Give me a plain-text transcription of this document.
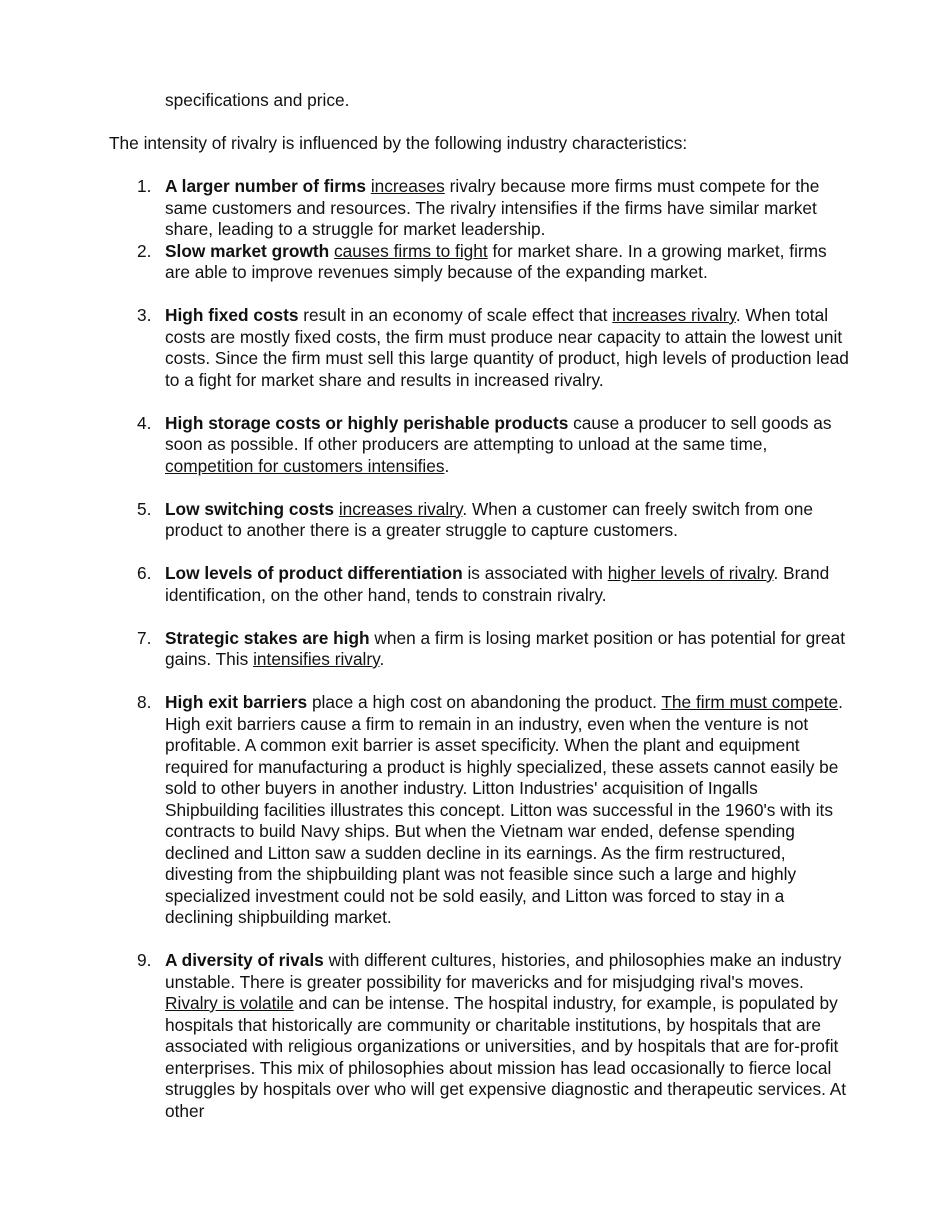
specifications and price.

The intensity of rivalry is influenced by the following industry characteristics:

1. A larger number of firms increases rivalry because more firms must compete for the same customers and resources. The rivalry intensifies if the firms have similar market share, leading to a struggle for market leadership.
2. Slow market growth causes firms to fight for market share. In a growing market, firms are able to improve revenues simply because of the expanding market.
3. High fixed costs result in an economy of scale effect that increases rivalry. When total costs are mostly fixed costs, the firm must produce near capacity to attain the lowest unit costs. Since the firm must sell this large quantity of product, high levels of production lead to a fight for market share and results in increased rivalry.
4. High storage costs or highly perishable products cause a producer to sell goods as soon as possible. If other producers are attempting to unload at the same time, competition for customers intensifies.
5. Low switching costs increases rivalry. When a customer can freely switch from one product to another there is a greater struggle to capture customers.
6. Low levels of product differentiation is associated with higher levels of rivalry. Brand identification, on the other hand, tends to constrain rivalry.
7. Strategic stakes are high when a firm is losing market position or has potential for great gains. This intensifies rivalry.
8. High exit barriers place a high cost on abandoning the product. The firm must compete. High exit barriers cause a firm to remain in an industry, even when the venture is not profitable. A common exit barrier is asset specificity. When the plant and equipment required for manufacturing a product is highly specialized, these assets cannot easily be sold to other buyers in another industry. Litton Industries' acquisition of Ingalls Shipbuilding facilities illustrates this concept. Litton was successful in the 1960's with its contracts to build Navy ships. But when the Vietnam war ended, defense spending declined and Litton saw a sudden decline in its earnings. As the firm restructured, divesting from the shipbuilding plant was not feasible since such a large and highly specialized investment could not be sold easily, and Litton was forced to stay in a declining shipbuilding market.
9. A diversity of rivals with different cultures, histories, and philosophies make an industry unstable. There is greater possibility for mavericks and for misjudging rival's moves. Rivalry is volatile and can be intense. The hospital industry, for example, is populated by hospitals that historically are community or charitable institutions, by hospitals that are associated with religious organizations or universities, and by hospitals that are for-profit enterprises. This mix of philosophies about mission has lead occasionally to fierce local struggles by hospitals over who will get expensive diagnostic and therapeutic services. At other
